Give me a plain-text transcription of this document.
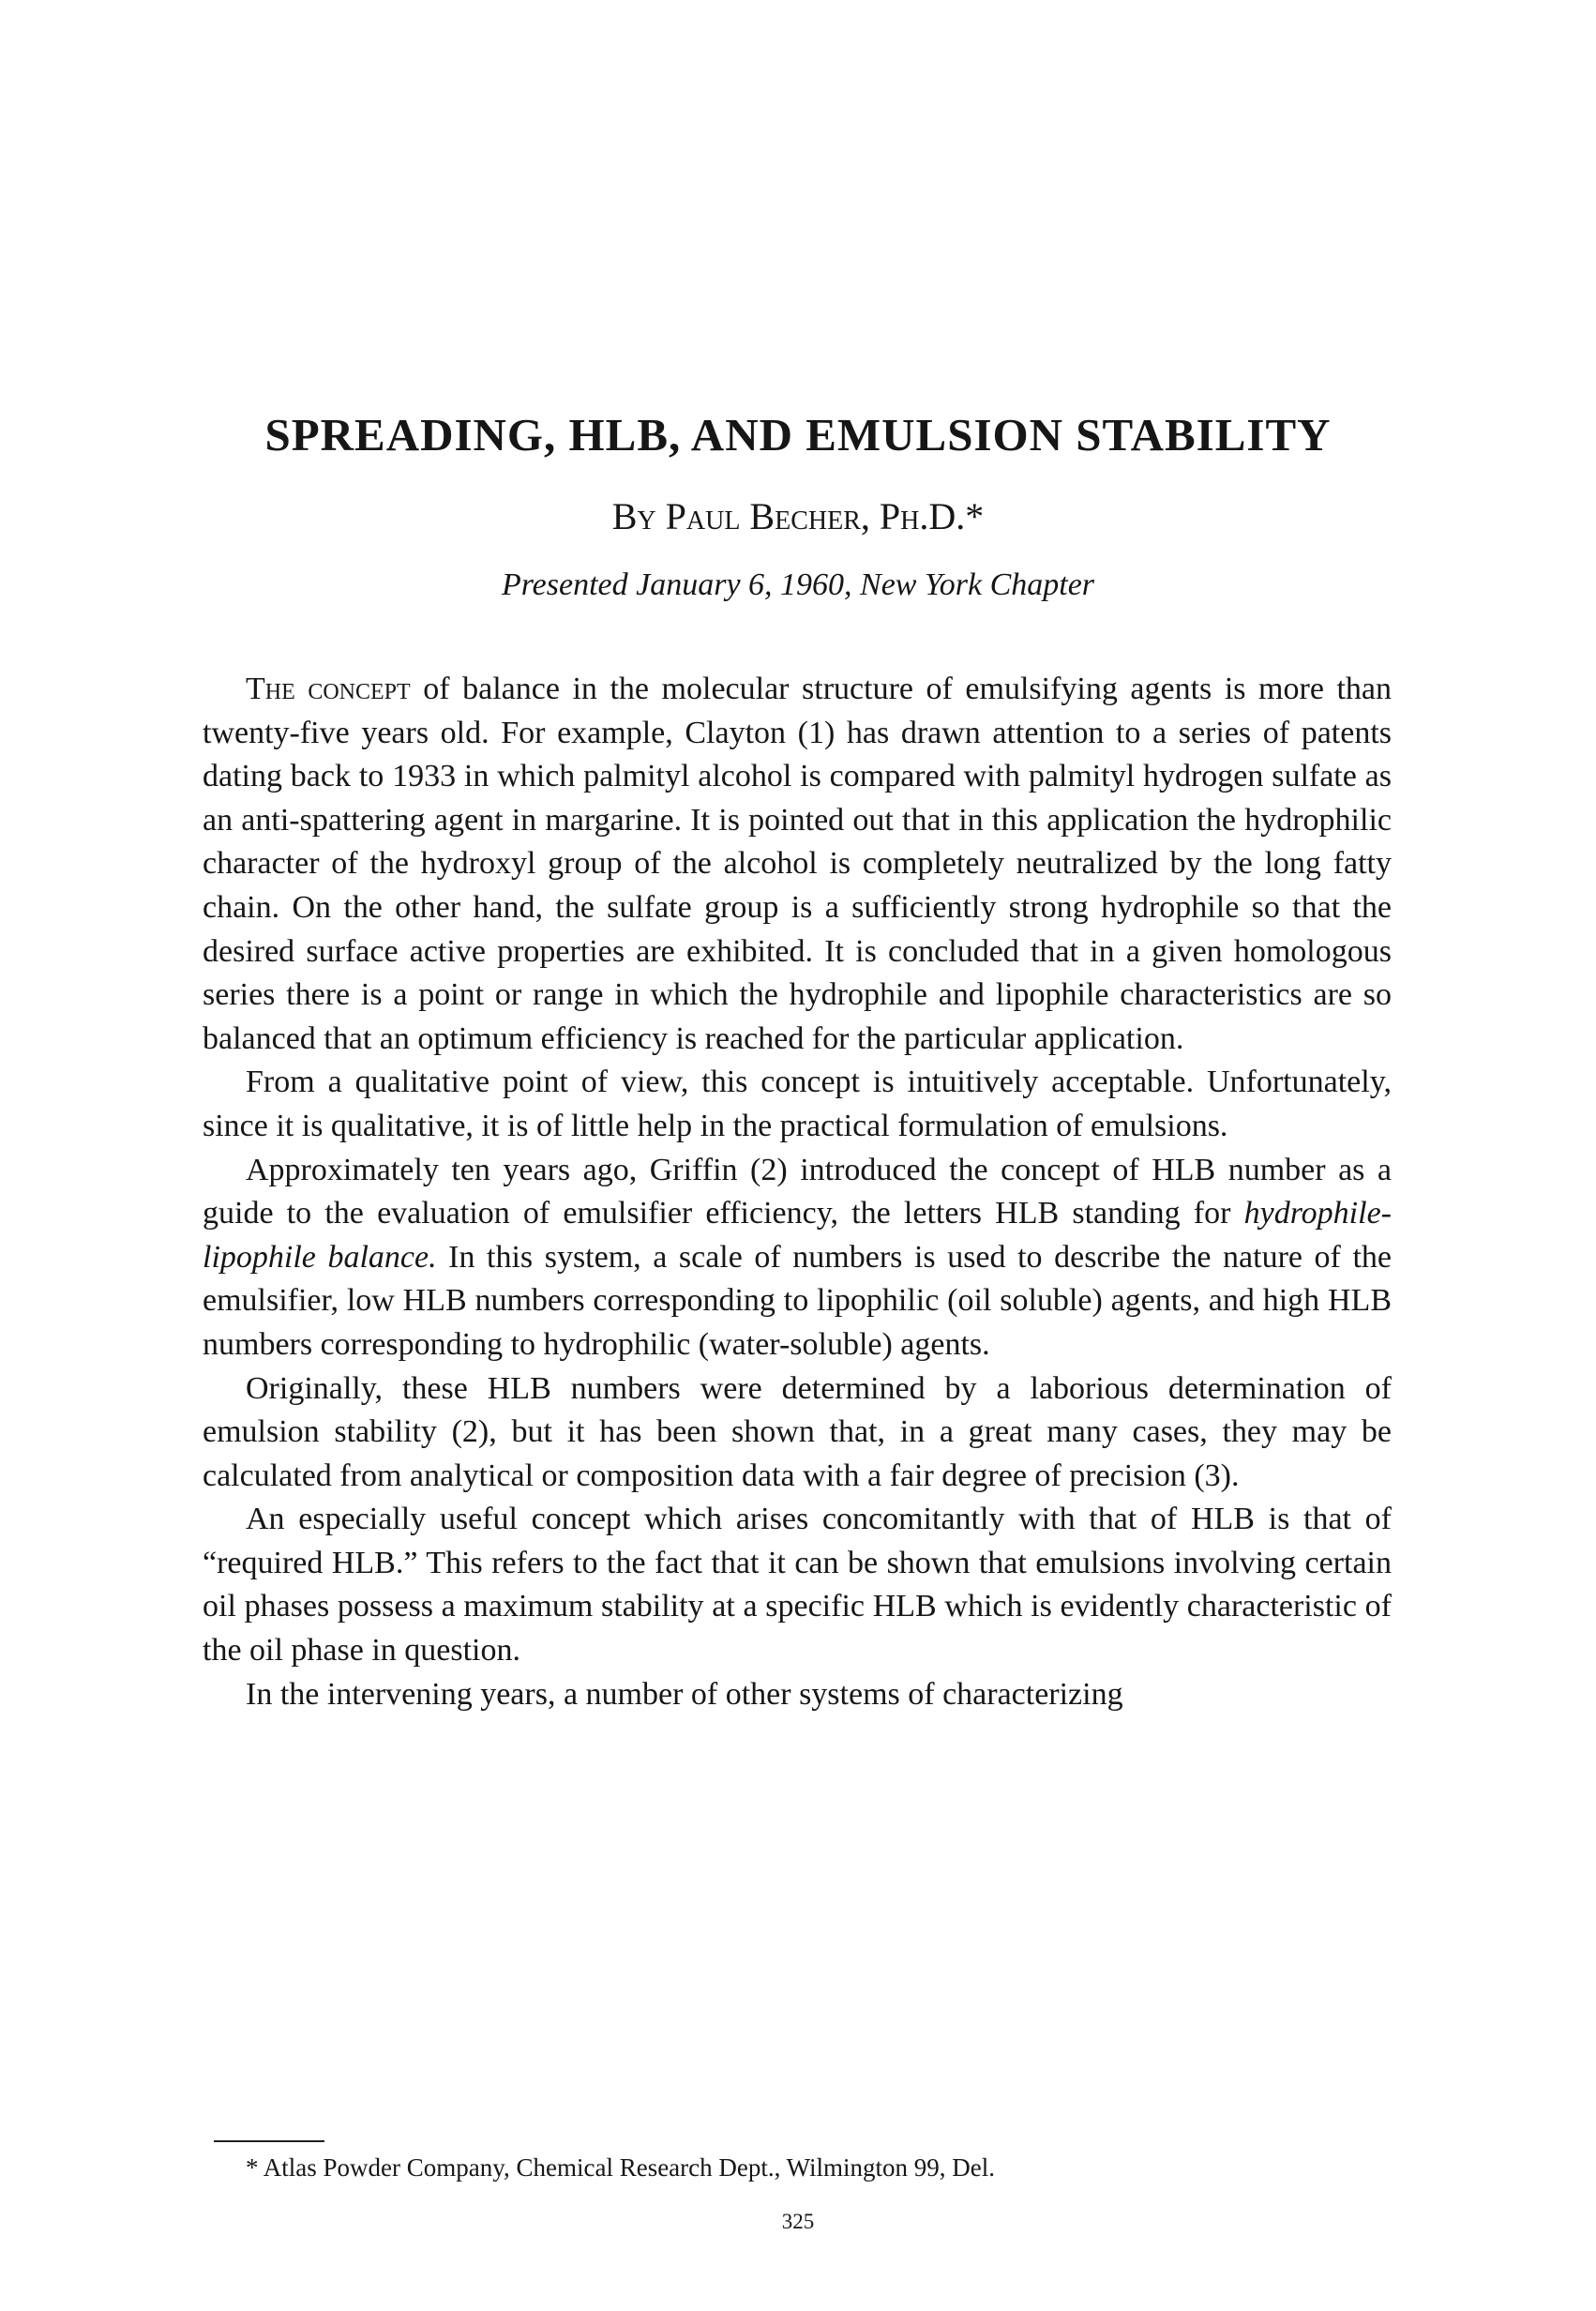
SPREADING, HLB, AND EMULSION STABILITY

By Paul Becher, Ph.D.*

Presented January 6, 1960, New York Chapter

The concept of balance in the molecular structure of emulsifying agents is more than twenty-five years old. For example, Clayton (1) has drawn attention to a series of patents dating back to 1933 in which palmityl alcohol is compared with palmityl hydrogen sulfate as an anti-spattering agent in margarine. It is pointed out that in this application the hydrophilic character of the hydroxyl group of the alcohol is completely neutralized by the long fatty chain. On the other hand, the sulfate group is a sufficiently strong hydrophile so that the desired surface active properties are exhibited. It is concluded that in a given homologous series there is a point or range in which the hydrophile and lipophile characteristics are so balanced that an optimum efficiency is reached for the particular application.

From a qualitative point of view, this concept is intuitively acceptable. Unfortunately, since it is qualitative, it is of little help in the practical formulation of emulsions.

Approximately ten years ago, Griffin (2) introduced the concept of HLB number as a guide to the evaluation of emulsifier efficiency, the letters HLB standing for hydrophile-lipophile balance. In this system, a scale of numbers is used to describe the nature of the emulsifier, low HLB numbers corresponding to lipophilic (oil soluble) agents, and high HLB numbers corresponding to hydrophilic (water-soluble) agents.

Originally, these HLB numbers were determined by a laborious determination of emulsion stability (2), but it has been shown that, in a great many cases, they may be calculated from analytical or composition data with a fair degree of precision (3).

An especially useful concept which arises concomitantly with that of HLB is that of “required HLB.” This refers to the fact that it can be shown that emulsions involving certain oil phases possess a maximum stability at a specific HLB which is evidently characteristic of the oil phase in question.

In the intervening years, a number of other systems of characterizing

* Atlas Powder Company, Chemical Research Dept., Wilmington 99, Del.

325
